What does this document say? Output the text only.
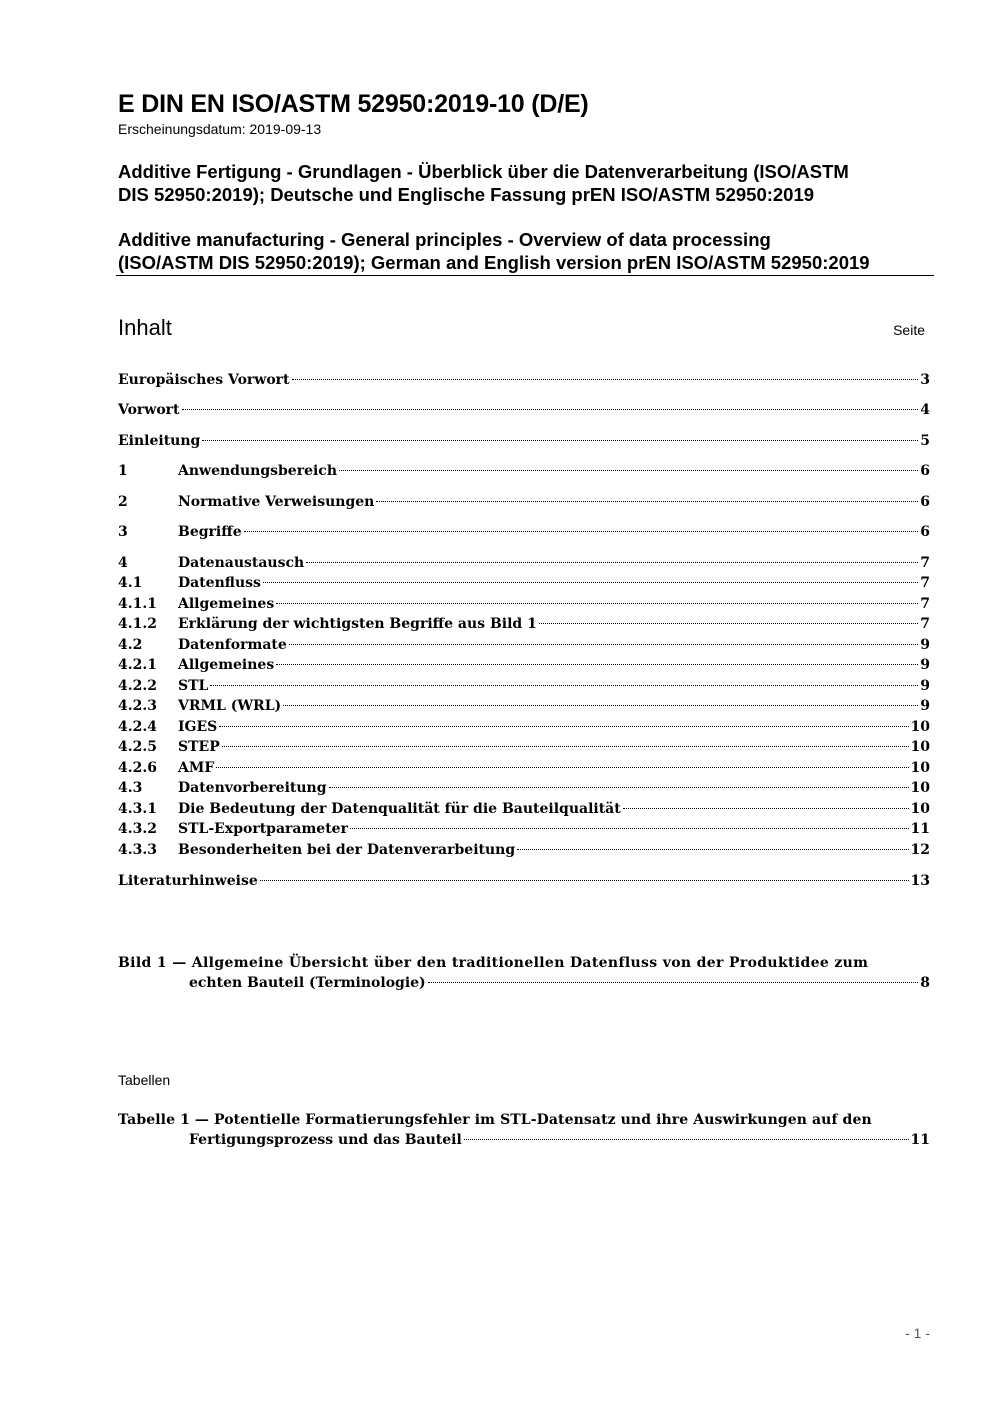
E DIN EN ISO/ASTM 52950:2019-10 (D/E)
Erscheinungsdatum: 2019-09-13
Additive Fertigung - Grundlagen - Überblick über die Datenverarbeitung (ISO/ASTM
DIS 52950:2019); Deutsche und Englische Fassung prEN ISO/ASTM 52950:2019
Additive manufacturing - General principles - Overview of data processing
(ISO/ASTM DIS 52950:2019); German and English version prEN ISO/ASTM 52950:2019
Inhalt	Seite
Europäisches Vorwort	3
Vorwort	4
Einleitung	5
1	Anwendungsbereich	6
2	Normative Verweisungen	6
3	Begriffe	6
4	Datenaustausch	7
4.1	Datenfluss	7
4.1.1	Allgemeines	7
4.1.2	Erklärung der wichtigsten Begriffe aus Bild 1	7
4.2	Datenformate	9
4.2.1	Allgemeines	9
4.2.2	STL	9
4.2.3	VRML (WRL)	9
4.2.4	IGES	10
4.2.5	STEP	10
4.2.6	AMF	10
4.3	Datenvorbereitung	10
4.3.1	Die Bedeutung der Datenqualität für die Bauteilqualität	10
4.3.2	STL-Exportparameter	11
4.3.3	Besonderheiten bei der Datenverarbeitung	12
Literaturhinweise	13
Bild 1 — Allgemeine Übersicht über den traditionellen Datenfluss von der Produktidee zum
echten Bauteil (Terminologie)	8
Tabellen
Tabelle 1 — Potentielle Formatierungsfehler im STL-Datensatz und ihre Auswirkungen auf den
Fertigungsprozess und das Bauteil	11
- 1 -
